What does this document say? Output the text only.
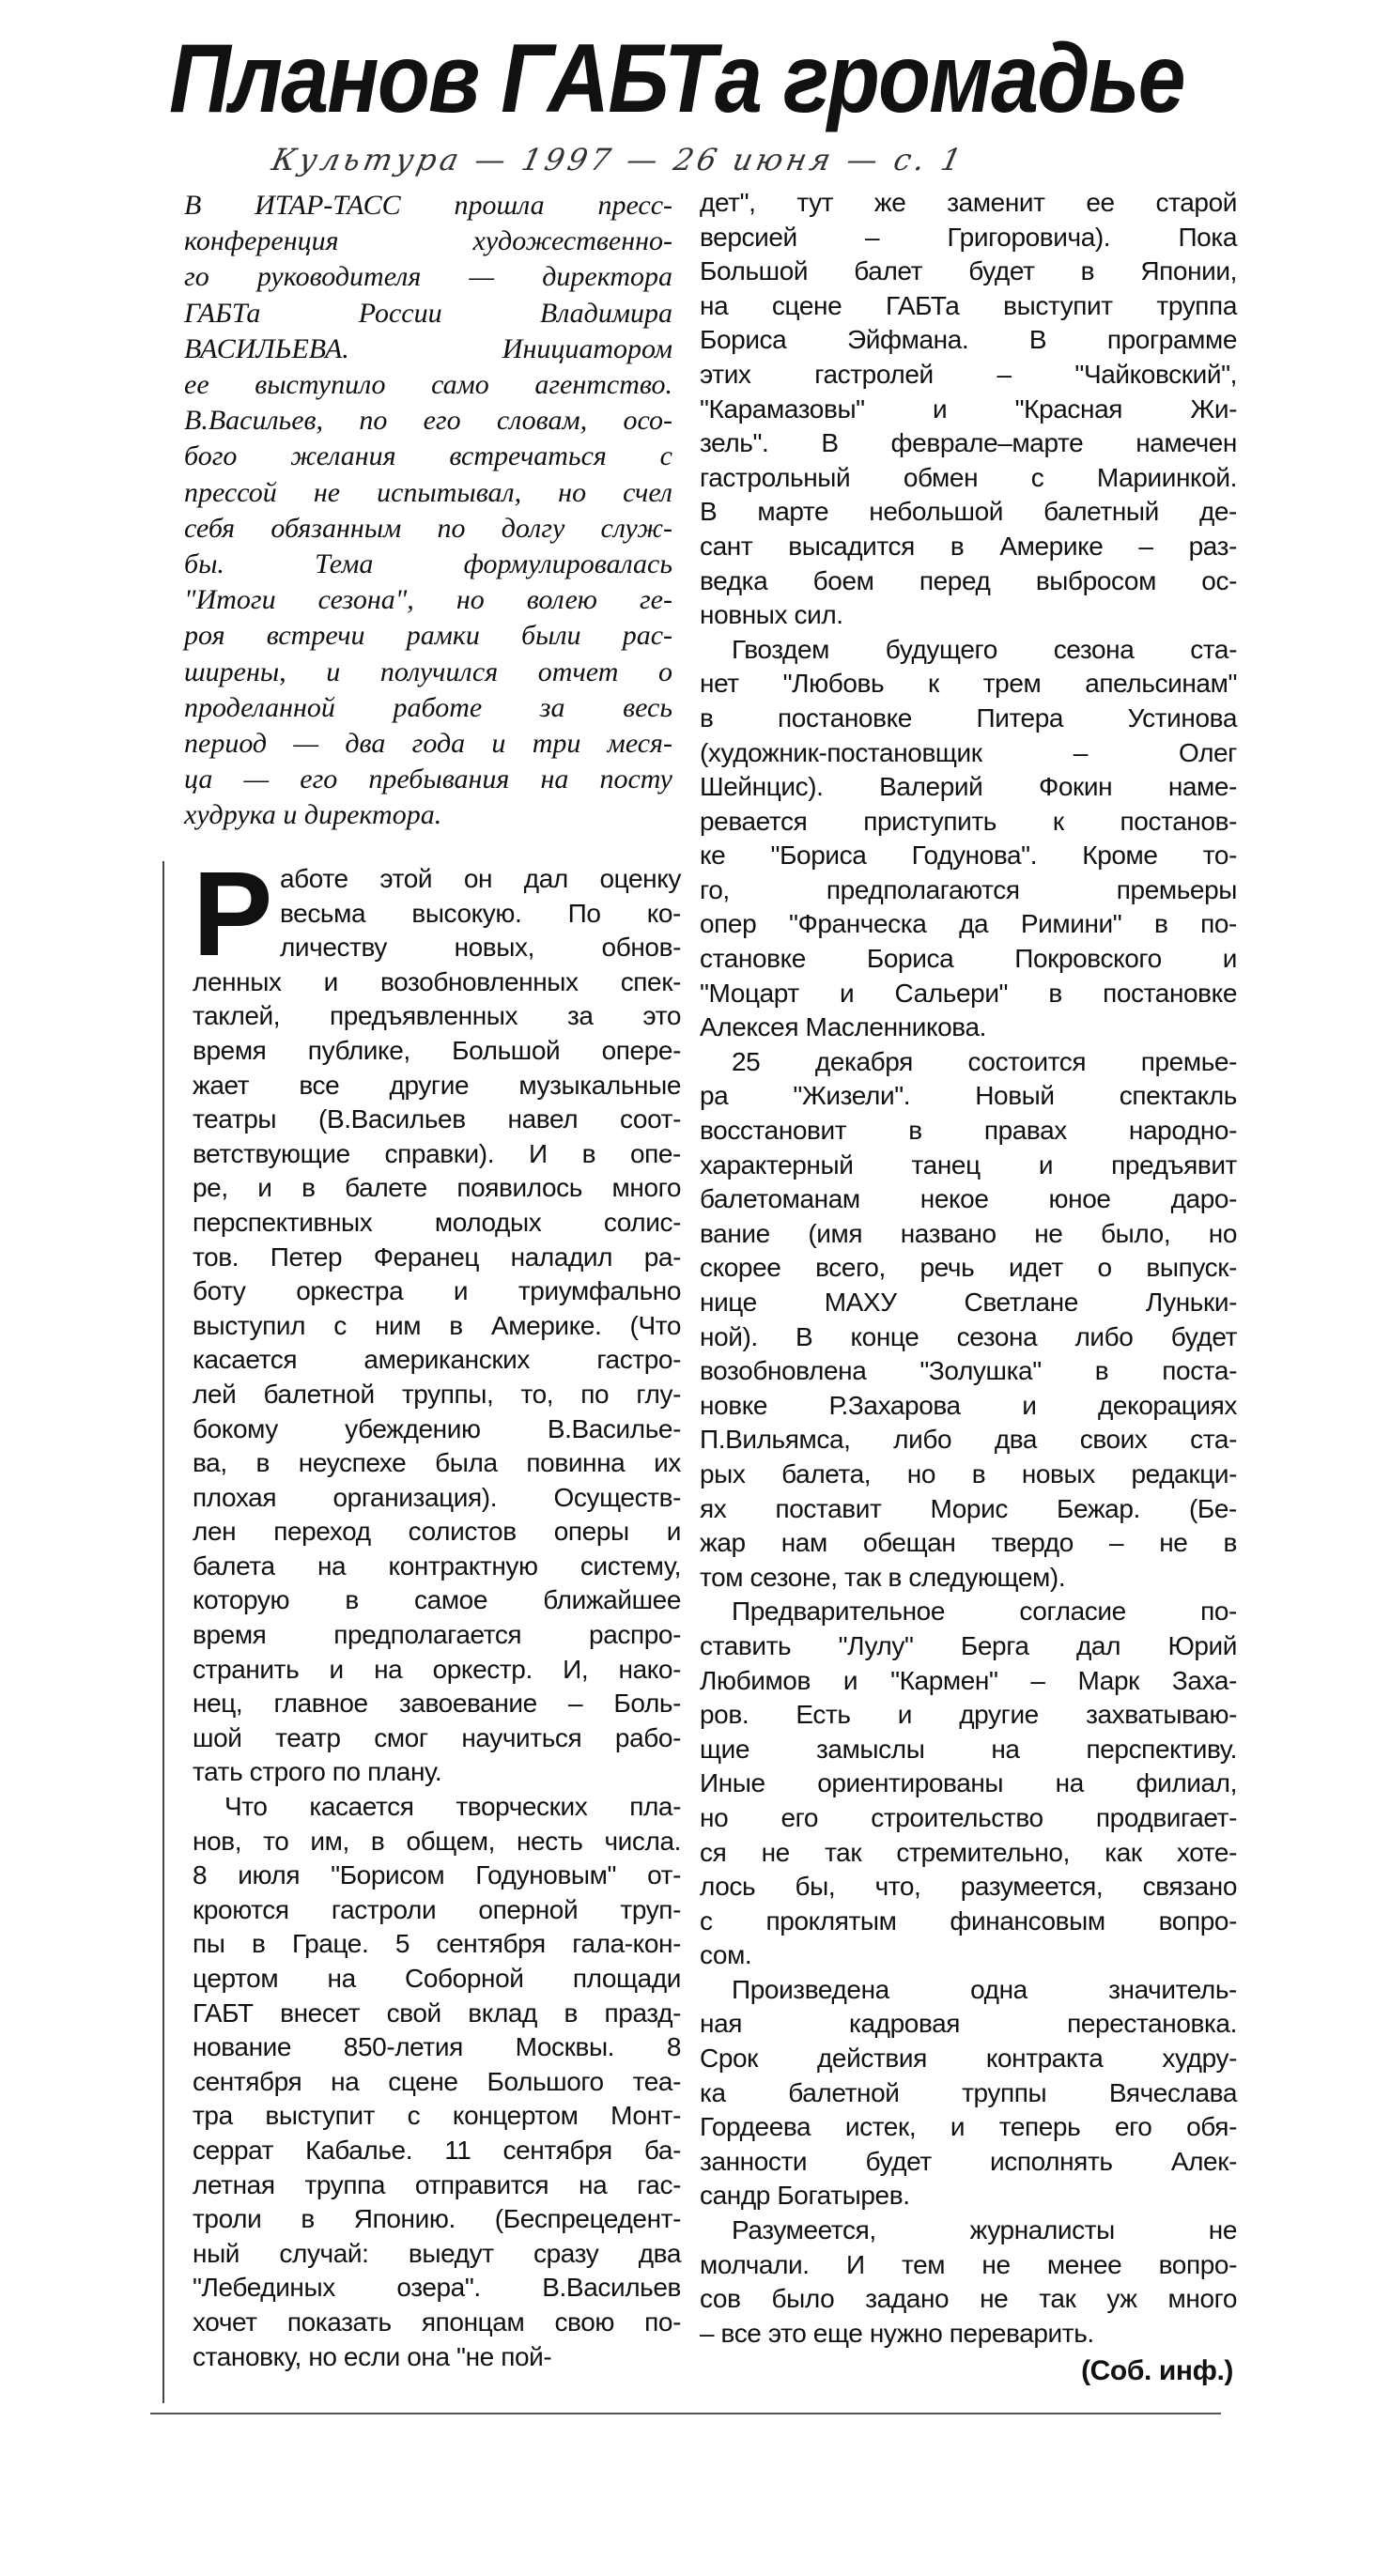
Планов ГАБТа громадье
Культура — 1997 — 26 июня — с. 1
В ИТАР-ТАСС прошла пресс-
конференция художественно-
го руководителя — директора
ГАБТа России Владимира
ВАСИЛЬЕВА. Инициатором
ее выступило само агентство.
В.Васильев, по его словам, осо-
бого желания встречаться с
прессой не испытывал, но счел
себя обязанным по долгу служ-
бы. Тема формулировалась
"Итоги сезона", но волею ге-
роя встречи рамки были рас-
ширены, и получился отчет о
проделанной работе за весь
период — два года и три меся-
ца — его пребывания на посту
худрука и директора.
Р аботе этой он дал оценку
весьма высокую. По ко-
личеству новых, обнов-
ленных и возобновленных спек-
таклей, предъявленных за это
время публике, Большой опере-
жает все другие музыкальные
театры (В.Васильев навел соот-
ветствующие справки). И в опе-
ре, и в балете появилось много
перспективных молодых солис-
тов. Петер Феранец наладил ра-
боту оркестра и триумфально
выступил с ним в Америке. (Что
касается американских гастро-
лей балетной труппы, то, по глу-
бокому убеждению В.Василье-
ва, в неуспехе была повинна их
плохая организация). Осуществ-
лен переход солистов оперы и
балета на контрактную систему,
которую в самое ближайшее
время предполагается распро-
странить и на оркестр. И, нако-
нец, главное завоевание – Боль-
шой театр смог научиться рабо-
тать строго по плану.
Что касается творческих пла-
нов, то им, в общем, несть числа.
8 июля "Борисом Годуновым" от-
кроются гастроли оперной труп-
пы в Граце. 5 сентября гала-кон-
цертом на Соборной площади
ГАБТ внесет свой вклад в празд-
нование 850-летия Москвы. 8
сентября на сцене Большого теа-
тра выступит с концертом Монт-
серрат Кабалье. 11 сентября ба-
летная труппа отправится на гас-
троли в Японию. (Беспрецедент-
ный случай: выедут сразу два
"Лебединых озера". В.Васильев
хочет показать японцам свою по-
становку, но если она "не пой-
дет", тут же заменит ее старой
версией – Григоровича). Пока
Большой балет будет в Японии,
на сцене ГАБТа выступит труппа
Бориса Эйфмана. В программе
этих гастролей – "Чайковский",
"Карамазовы" и "Красная Жи-
зель". В феврале–марте намечен
гастрольный обмен с Мариинкой.
В марте небольшой балетный де-
сант высадится в Америке – раз-
ведка боем перед выбросом ос-
новных сил.
Гвоздем будущего сезона ста-
нет "Любовь к трем апельсинам"
в постановке Питера Устинова
(художник-постановщик – Олег
Шейнцис). Валерий Фокин наме-
ревается приступить к постанов-
ке "Бориса Годунова". Кроме то-
го, предполагаются премьеры
опер "Франческа да Римини" в по-
становке Бориса Покровского и
"Моцарт и Сальери" в постановке
Алексея Масленникова.
25 декабря состоится премье-
ра "Жизели". Новый спектакль
восстановит в правах народно-
характерный танец и предъявит
балетоманам некое юное даро-
вание (имя названо не было, но
скорее всего, речь идет о выпуск-
нице МАХУ Светлане Луньки-
ной). В конце сезона либо будет
возобновлена "Золушка" в поста-
новке Р.Захарова и декорациях
П.Вильямса, либо два своих ста-
рых балета, но в новых редакци-
ях поставит Морис Бежар. (Бе-
жар нам обещан твердо – не в
том сезоне, так в следующем).
Предварительное согласие по-
ставить "Лулу" Берга дал Юрий
Любимов и "Кармен" – Марк Заха-
ров. Есть и другие захватываю-
щие замыслы на перспективу.
Иные ориентированы на филиал,
но его строительство продвигает-
ся не так стремительно, как хоте-
лось бы, что, разумеется, связано
с проклятым финансовым вопро-
сом.
Произведена одна значитель-
ная кадровая перестановка.
Срок действия контракта худру-
ка балетной труппы Вячеслава
Гордеева истек, и теперь его обя-
занности будет исполнять Алек-
сандр Богатырев.
Разумеется, журналисты не
молчали. И тем не менее вопро-
сов было задано не так уж много
– все это еще нужно переварить.
(Соб. инф.)
